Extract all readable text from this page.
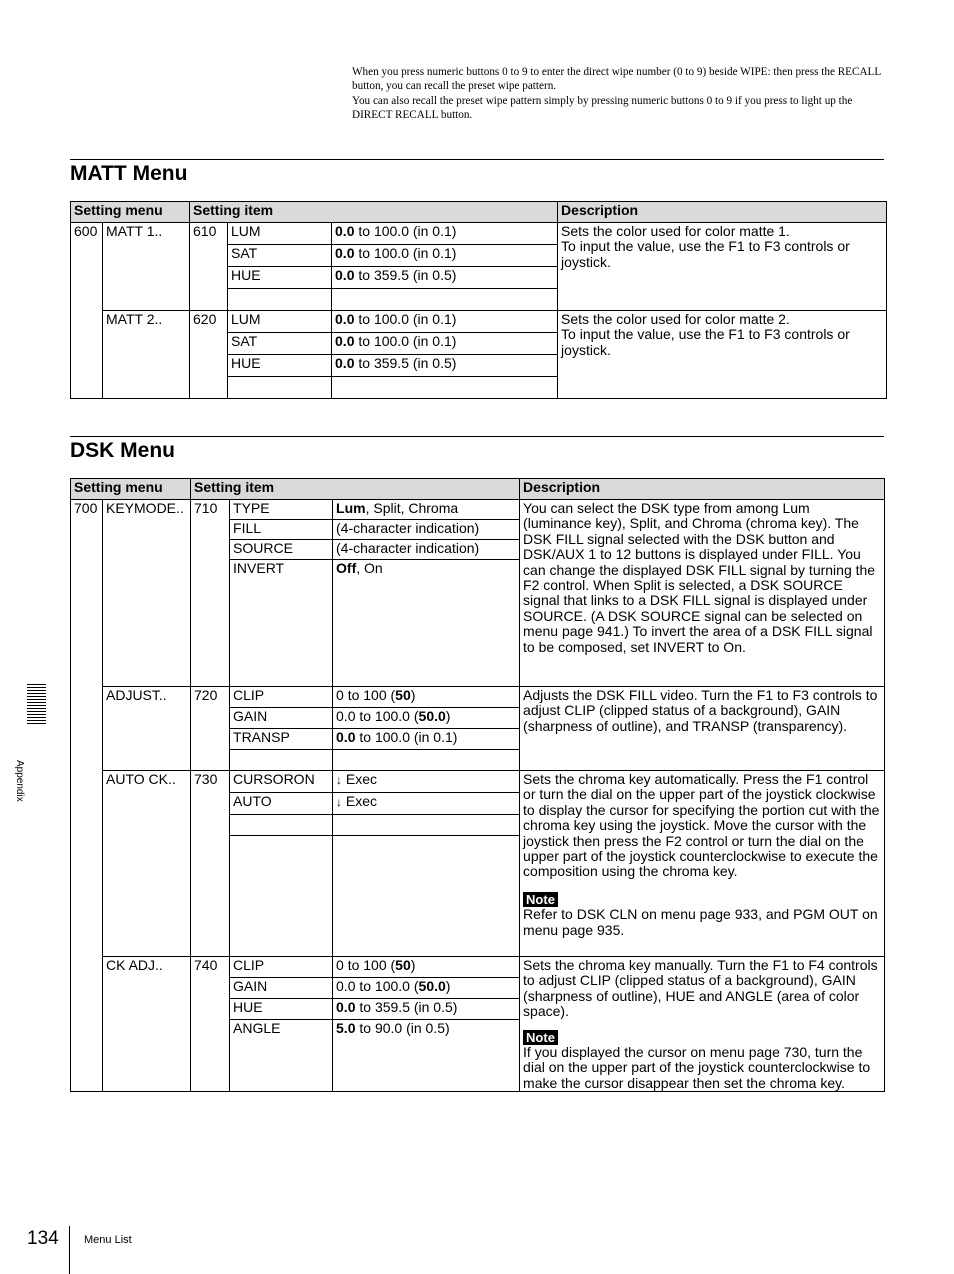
When you press numeric buttons 0 to 9 to enter the direct wipe number (0 to 9) beside WIPE: then press the RECALL button, you can recall the preset wipe pattern.

You can also recall the preset wipe pattern simply by pressing numeric buttons 0 to 9 if you press to light up the DIRECT RECALL button.

MATT Menu
Setting menu		Setting item			Description
600	MATT 1..	610	LUM	0.0 to 100.0 (in 0.1)	Sets the color used for color matte 1.
To input the value, use the F1 to F3 controls or joystick.

			SAT	0.0 to 100.0 (in 0.1)	
			HUE	0.0 to 359.5 (in 0.5)	

	MATT 2..	620	LUM	0.0 to 100.0 (in 0.1)	Sets the color used for color matte 2.
To input the value, use the F1 to F3 controls or joystick.

			SAT	0.0 to 100.0 (in 0.1)	
			HUE	0.0 to 359.5 (in 0.5)	

DSK Menu
Setting menu		Setting item			Description
700	KEYMODE..	710	TYPE	Lum, Split, Chroma	You can select the DSK type from among Lum (luminance key), Split, and Chroma (chroma key). The DSK FILL signal selected with the DSK button and DSK/AUX 1 to 12 buttons is displayed under FILL. You can change the displayed DSK FILL signal by turning the F2 control. When Split is selected, a DSK SOURCE signal that links to a DSK FILL signal is displayed under SOURCE. (A DSK SOURCE signal can be selected on menu page 941.) To invert the area of a DSK FILL signal to be composed, set INVERT to On.
			FILL	(4-character indication)	
			SOURCE	(4-character indication)	
			INVERT	Off, On	
	ADJUST..	720	CLIP	0 to 100 (50)	Adjusts the DSK FILL video. Turn the F1 to F3 controls to adjust CLIP (clipped status of a background), GAIN (sharpness of outline), and TRANSP (transparency).
			GAIN	0.0 to 100.0 (50.0)	
			TRANSP	0.0 to 100.0 (in 0.1)	

	AUTO CK..	730	CURSORON	↓ Exec	Sets the chroma key automatically. Press the F1 control or turn the dial on the upper part of the joystick clockwise to display the cursor for specifying the portion cut with the chroma key using the joystick. Move the cursor with the joystick then press the F2 control or turn the dial on the upper part of the joystick counterclockwise to execute the composition using the chroma key.
Note
Refer to DSK CLN on menu page 933, and PGM OUT on menu page 935.

			AUTO	↓ Exec	

	CK ADJ..	740	CLIP	0 to 100 (50)	Sets the chroma key manually. Turn the F1 to F4 controls to adjust CLIP (clipped status of a background), GAIN (sharpness of outline), HUE and ANGLE (area of color space).
Note
If you displayed the cursor on menu page 730, turn the dial on the upper part of the joystick counterclockwise to make the cursor disappear then set the chroma key.

			GAIN	0.0 to 100.0 (50.0)	
			HUE	0.0 to 359.5 (in 0.5)	
			ANGLE	5.0 to 90.0 (in 0.5)	
Appendix
134 Menu List
